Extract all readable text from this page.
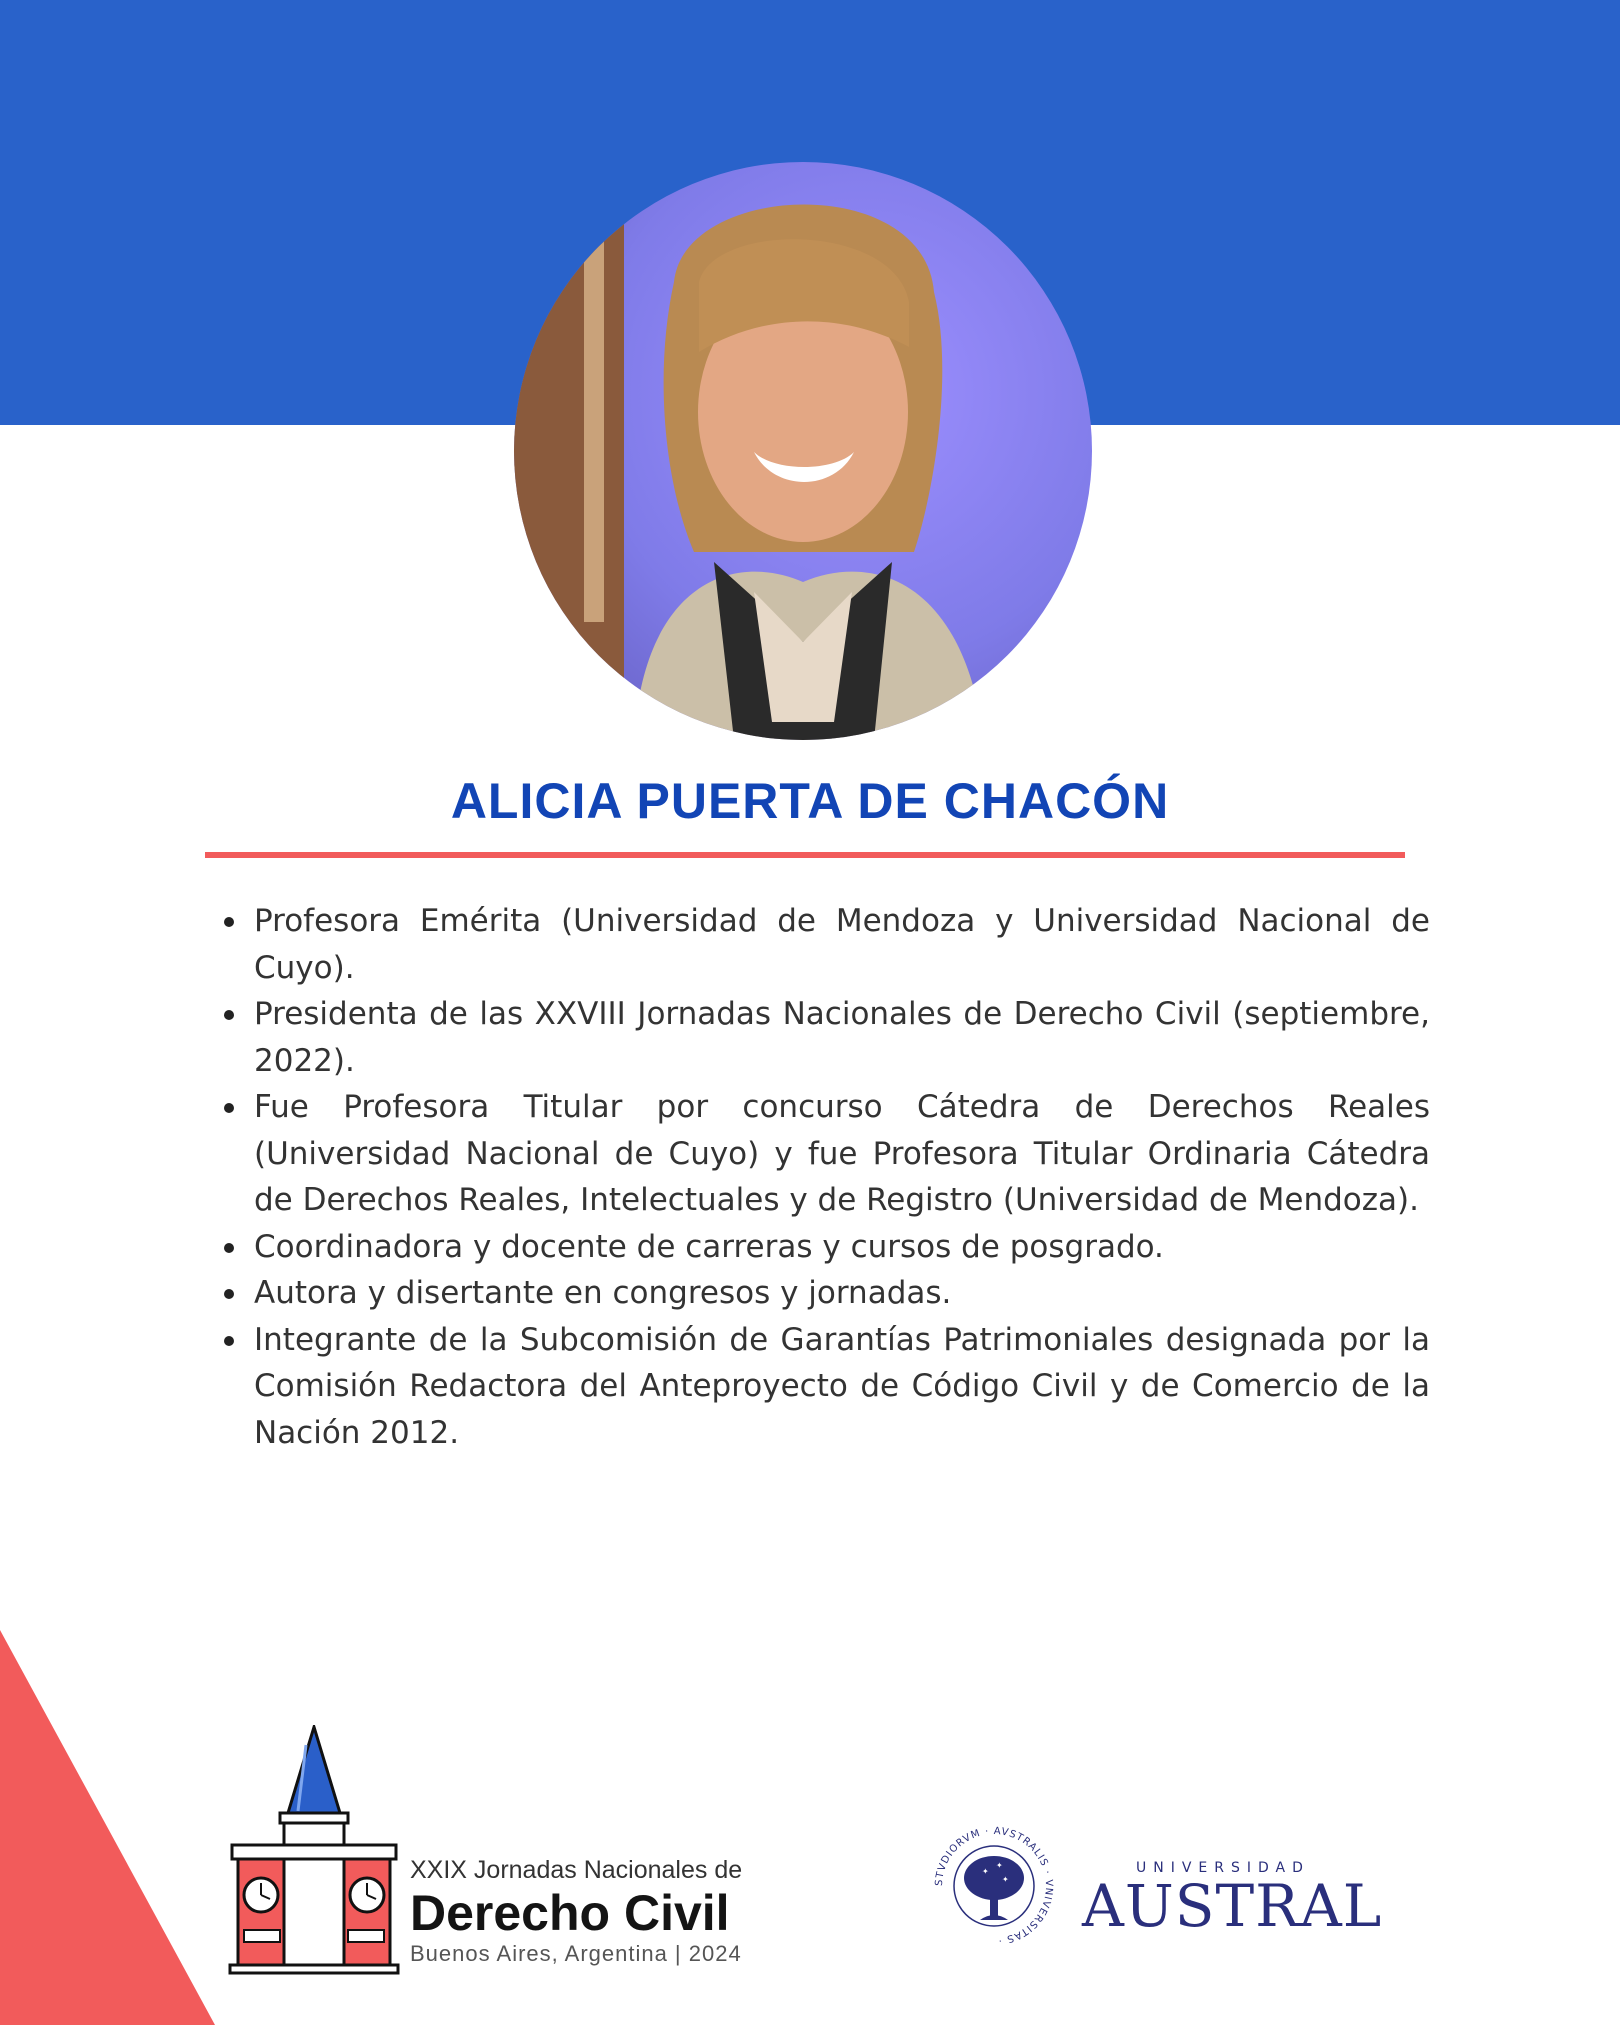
ALICIA PUERTA DE CHACÓN
Profesora Emérita (Universidad de Mendoza y Universidad Nacional de Cuyo).
Presidenta de las XXVIII Jornadas Nacionales de Derecho Civil (septiembre, 2022).
Fue Profesora Titular por concurso Cátedra de Derechos Reales (Universidad Nacional de Cuyo) y fue Profesora Titular Ordinaria Cátedra de Derechos Reales, Intelectuales y de Registro (Universidad de Mendoza).
Coordinadora y docente de carreras y cursos de posgrado.
Autora y disertante en congresos y jornadas.
Integrante de la Subcomisión de Garantías Patrimoniales designada por la Comisión Redactora del Anteproyecto de Código Civil y de Comercio de la Nación 2012.
XXIX Jornadas Nacionales de
Derecho Civil
Buenos Aires, Argentina | 2024
STVDIORVM · AVSTRALIS · VNIVERSITAS ·
✦
✦
✦
UNIVERSIDAD
AUSTRAL
